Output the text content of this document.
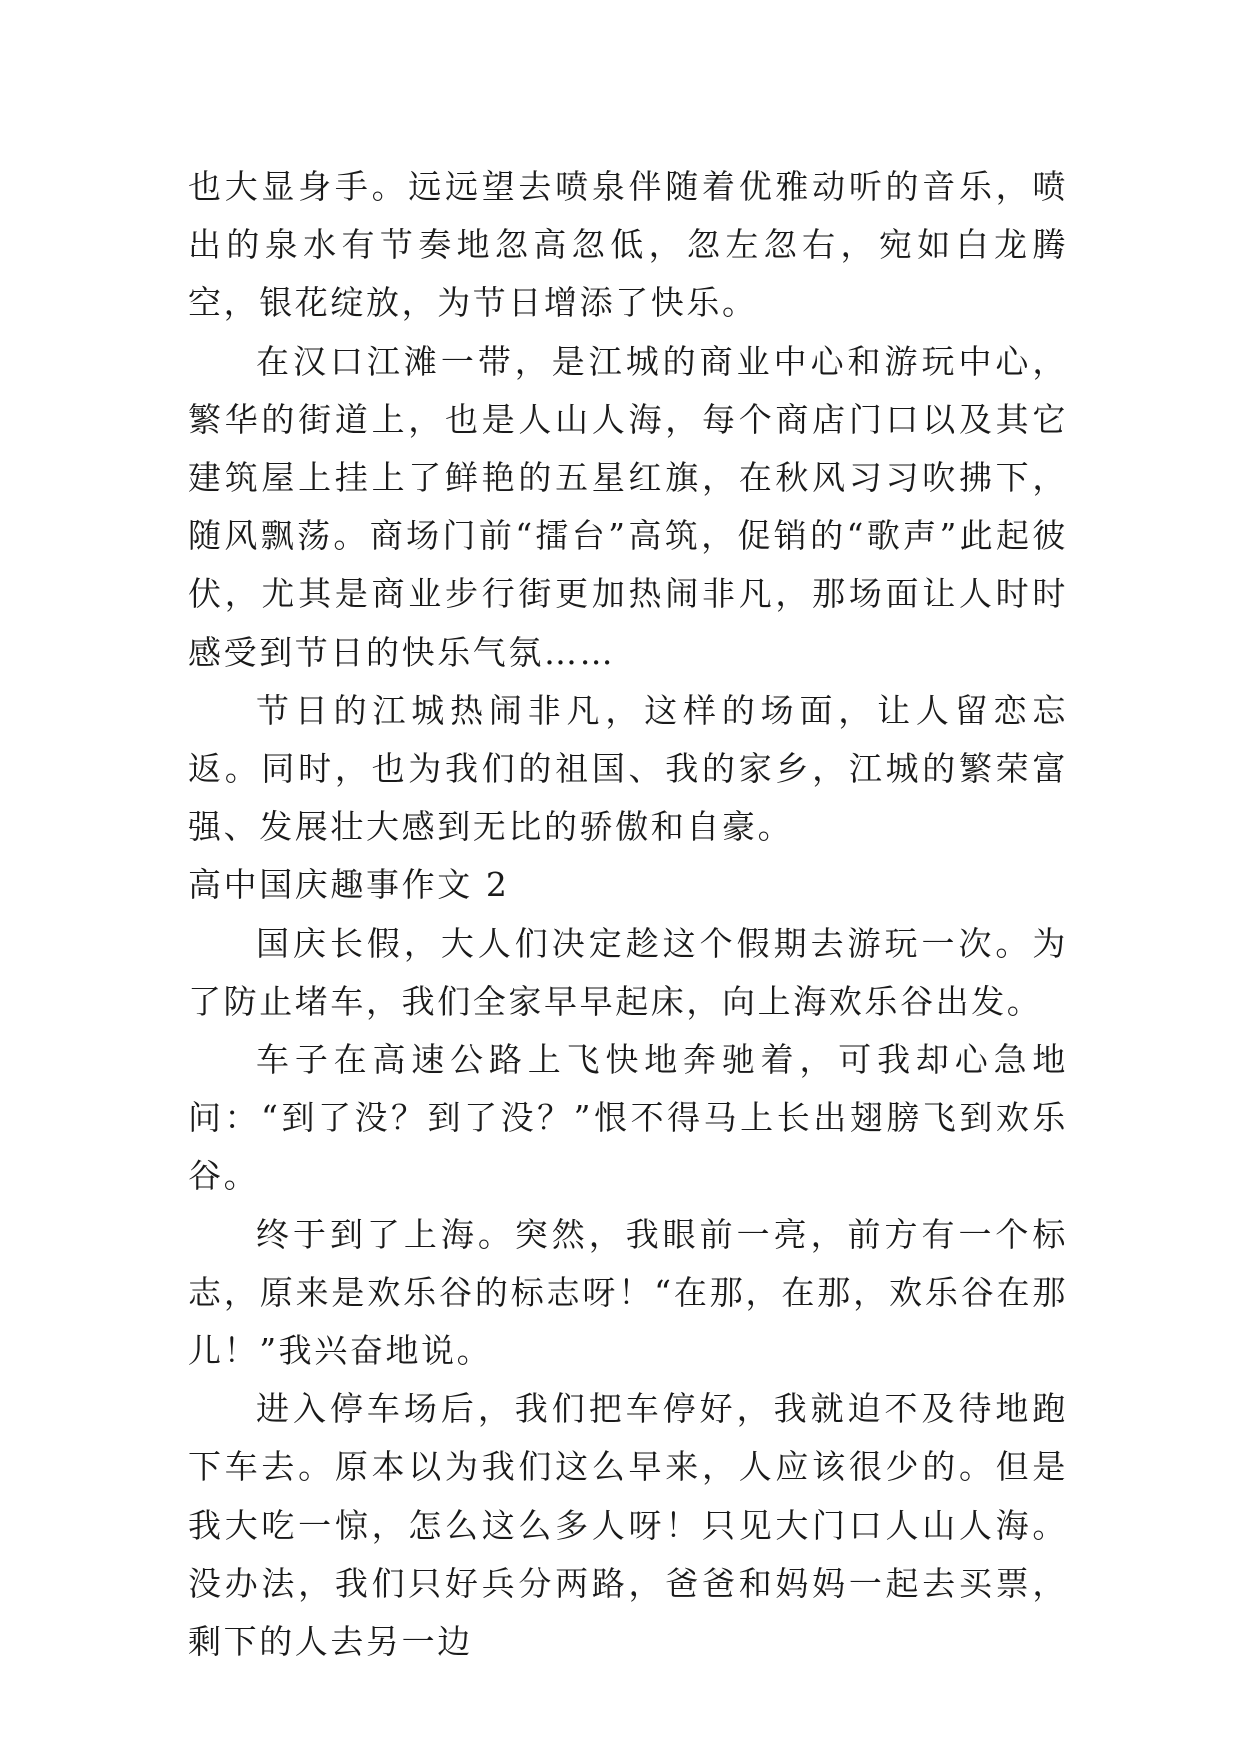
也大显身手。远远望去喷泉伴随着优雅动听的音乐，喷出的泉水有节奏地忽高忽低，忽左忽右，宛如白龙腾空，银花绽放，为节日增添了快乐。

在汉口江滩一带，是江城的商业中心和游玩中心，繁华的街道上，也是人山人海，每个商店门口以及其它建筑屋上挂上了鲜艳的五星红旗，在秋风习习吹拂下，随风飘荡。商场门前“擂台”高筑，促销的“歌声”此起彼伏，尤其是商业步行街更加热闹非凡，那场面让人时时感受到节日的快乐气氛……

节日的江城热闹非凡，这样的场面，让人留恋忘返。同时，也为我们的祖国、我的家乡，江城的繁荣富强、发展壮大感到无比的骄傲和自豪。

高中国庆趣事作文 2

国庆长假，大人们决定趁这个假期去游玩一次。为了防止堵车，我们全家早早起床，向上海欢乐谷出发。

车子在高速公路上飞快地奔驰着，可我却心急地问：“到了没？到了没？”恨不得马上长出翅膀飞到欢乐谷。

终于到了上海。突然，我眼前一亮，前方有一个标志，原来是欢乐谷的标志呀！“在那，在那，欢乐谷在那儿！”我兴奋地说。

进入停车场后，我们把车停好，我就迫不及待地跑下车去。原本以为我们这么早来，人应该很少的。但是我大吃一惊，怎么这么多人呀！只见大门口人山人海。没办法，我们只好兵分两路，爸爸和妈妈一起去买票，剩下的人去另一边
